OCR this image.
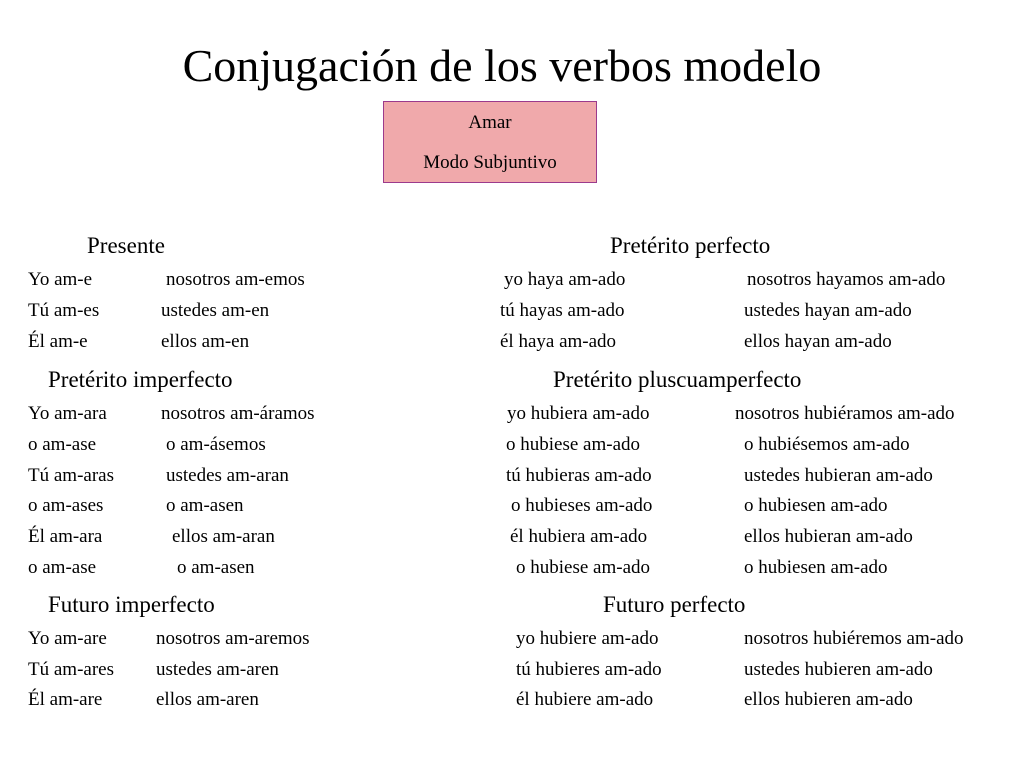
Conjugación de los verbos modelo
Amar
Modo Subjuntivo
Presente	Pretérito perfecto
Pretérito imperfecto	Pretérito pluscuamperfecto
Futuro imperfecto	Futuro perfecto
Yo am-e	nosotros am-emos
Tú am-es	ustedes am-en
Él am-e	ellos am-en
yo haya am-ado	nosotros hayamos am-ado
tú hayas am-ado	ustedes hayan am-ado
él haya am-ado	ellos hayan am-ado
Yo am-ara	nosotros am-áramos
o am-ase	o am-ásemos
Tú am-aras	ustedes am-aran
o am-ases	o am-asen
Él am-ara	ellos am-aran
o am-ase	o am-asen
yo hubiera am-ado	nosotros hubiéramos am-ado
o hubiese am-ado	o hubiésemos am-ado
tú hubieras am-ado	ustedes hubieran am-ado
o hubieses am-ado	o hubiesen am-ado
él hubiera am-ado	ellos hubieran am-ado
o hubiese am-ado	o hubiesen am-ado
Yo am-are	nosotros am-aremos
Tú am-ares ustedes am-aren
Él am-are	ellos am-aren
yo hubiere am-ado	nosotros hubiéremos am-ado
tú hubieres am-ado	ustedes hubieren am-ado
él hubiere am-ado	ellos hubieren am-ado
